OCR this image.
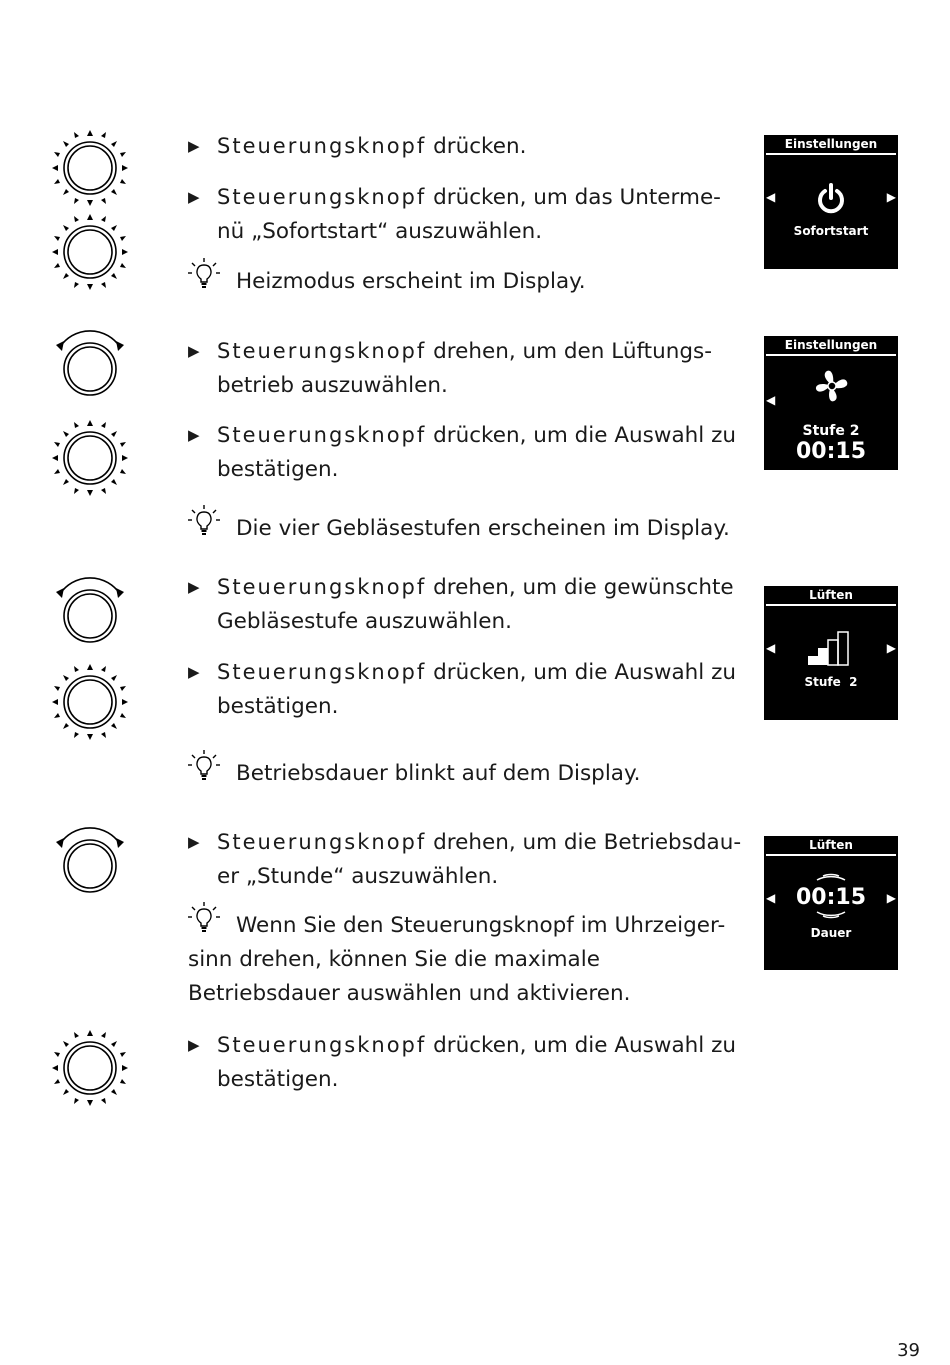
▶ Steuerungsknopf drücken.
▶ Steuerungsknopf drücken, um das Unterme-
nü „Sofortstart“ auszuwählen.
Heizmodus erscheint im Display.
▶ Steuerungsknopf drehen, um den Lüftungs-
betrieb auszuwählen.
▶ Steuerungsknopf drücken, um die Auswahl zu
bestätigen.
Die vier Gebläsestufen erscheinen im Display.
▶ Steuerungsknopf drehen, um die gewünschte
Gebläsestufe auszuwählen.
▶ Steuerungsknopf drücken, um die Auswahl zu
bestätigen.
Betriebsdauer blinkt auf dem Display.
▶ Steuerungsknopf drehen, um die Betriebsdau-
er „Stunde“ auszuwählen.
Wenn Sie den Steuerungsknopf im Uhrzeiger- sinn drehen, können Sie die maximale Betriebsdauer auswählen und aktivieren.
▶ Steuerungsknopf drücken, um die Auswahl zu
bestätigen.
Einstellungen
◀	▶
Sofortstart
Einstellungen
◀
Stufe 2
00:15
Lüften
◀	▶
Stufe  2
Lüften
◀	▶
00:15
Dauer
39
